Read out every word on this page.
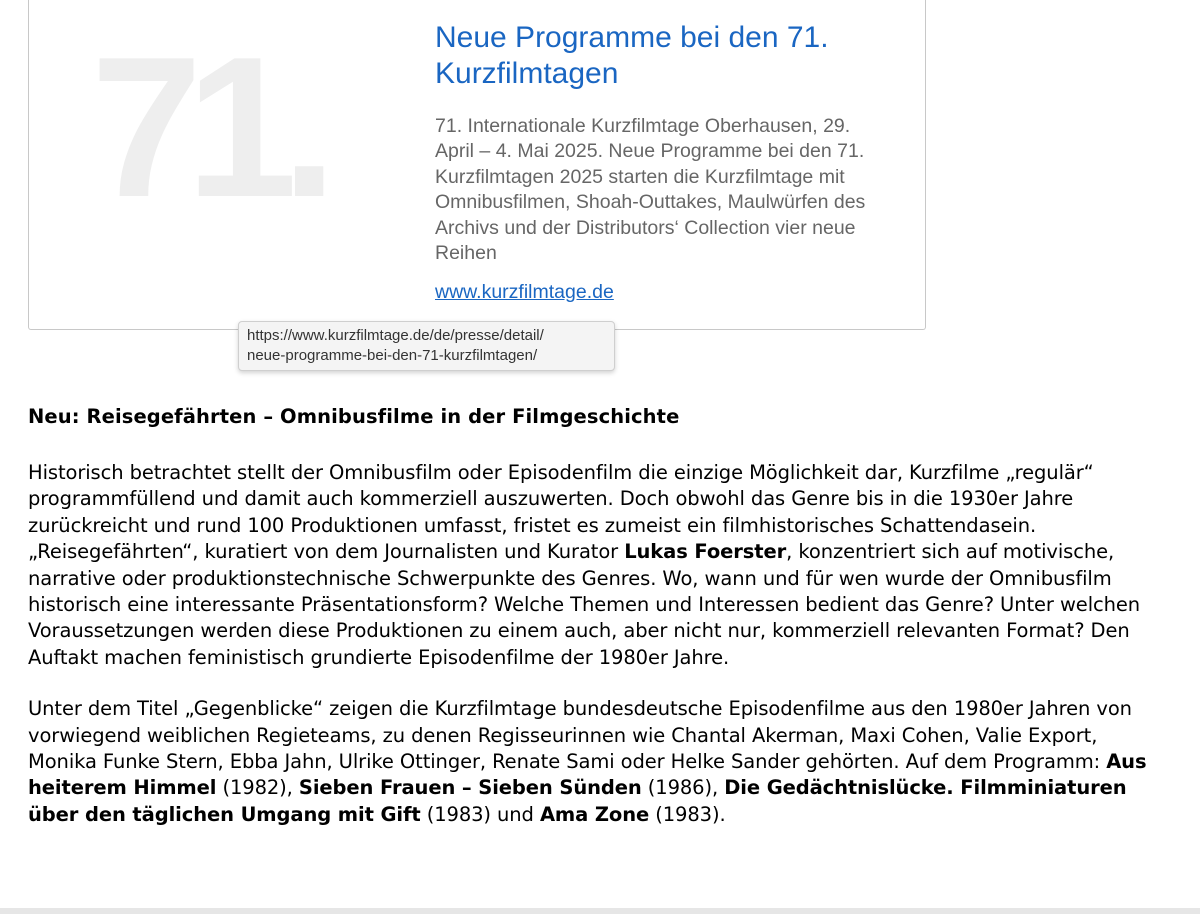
71.	Neue Programme bei den 71. Kurzfilmtagen

71. Internationale Kurzfilmtage Oberhausen, 29. April – 4. Mai 2025. Neue Programme bei den 71. Kurzfilmtagen 2025 starten die Kurzfilmtage mit Omnibusfilmen, Shoah-Outtakes, Maulwürfen des Archivs und der Distributors‘ Collection vier neue Reihen

www.kurzfilmtage.de
https://www.kurzfilmtage.de/de/presse/detail/
neue-programme-bei-den-71-kurzfilmtagen/
Neu: Reisegefährten – Omnibusfilme in der Filmgeschichte

Historisch betrachtet stellt der Omnibusfilm oder Episodenfilm die einzige Möglichkeit dar, Kurzfilme „regulär“ programmfüllend und damit auch kommerziell auszuwerten. Doch obwohl das Genre bis in die 1930er Jahre zurückreicht und rund 100 Produktionen umfasst, fristet es zumeist ein filmhistorisches Schattendasein. „Reisegefährten“, kuratiert von dem Journalisten und Kurator Lukas Foerster, konzentriert sich auf motivische, narrative oder produktionstechnische Schwerpunkte des Genres. Wo, wann und für wen wurde der Omnibusfilm historisch eine interessante Präsentationsform? Welche Themen und Interessen bedient das Genre? Unter welchen Voraussetzungen werden diese Produktionen zu einem auch, aber nicht nur, kommerziell relevanten Format? Den Auftakt machen feministisch grundierte Episodenfilme der 1980er Jahre.

Unter dem Titel „Gegenblicke“ zeigen die Kurzfilmtage bundesdeutsche Episodenfilme aus den 1980er Jahren von vorwiegend weiblichen Regieteams, zu denen Regisseurinnen wie Chantal Akerman, Maxi Cohen, Valie Export, Monika Funke Stern, Ebba Jahn, Ulrike Ottinger, Renate Sami oder Helke Sander gehörten. Auf dem Programm: Aus heiterem Himmel (1982), Sieben Frauen – Sieben Sünden (1986), Die Gedächtnislücke. Filmminiaturen über den täglichen Umgang mit Gift (1983) und Ama Zone (1983).
